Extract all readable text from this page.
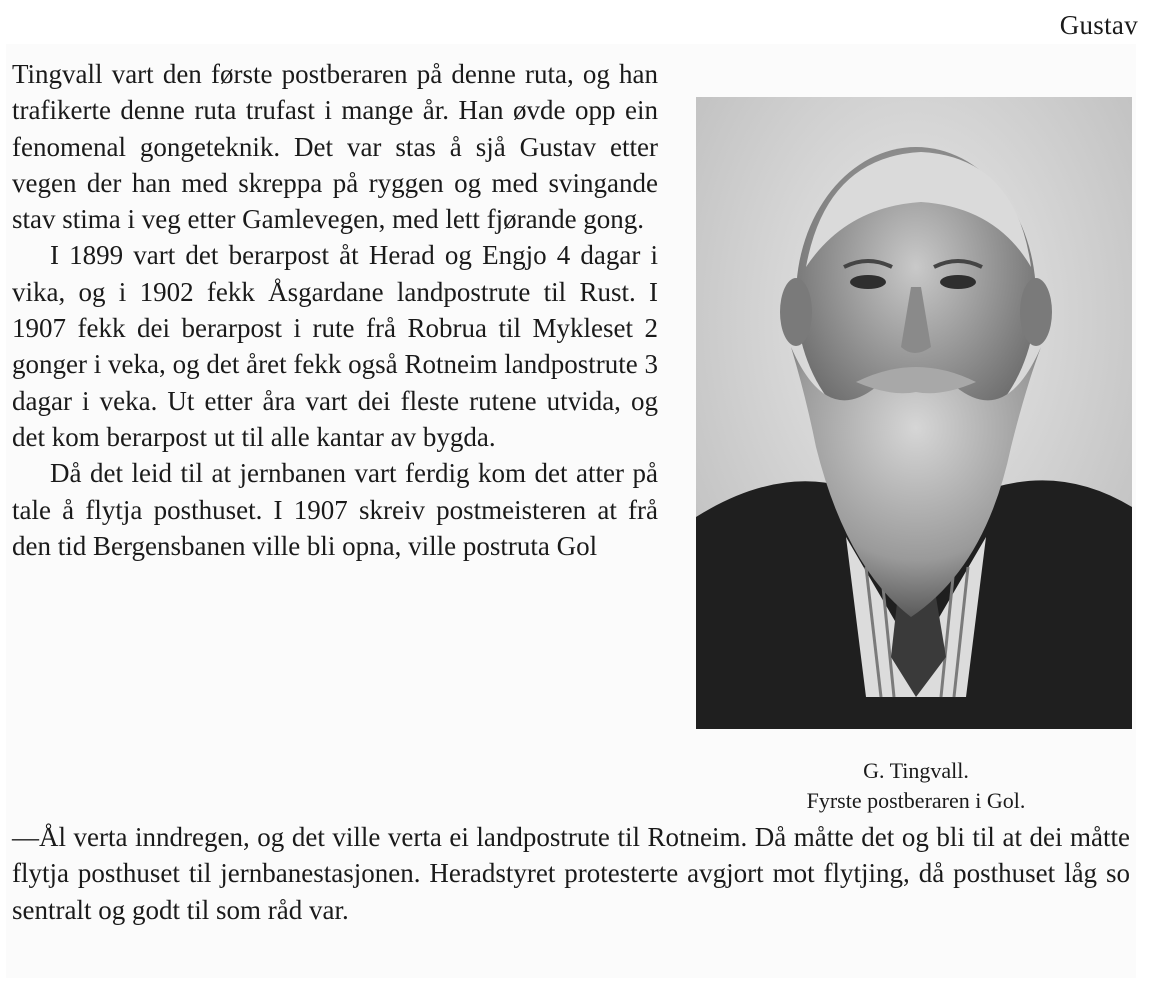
Gustav

Tingvall vart den første postberaren på denne ruta, og han trafikerte denne ruta trufast i mange år. Han øvde opp ein fenomenal gongeteknik. Det var stas å sjå Gustav etter vegen der han med skreppa på ryggen og med svingande stav stima i veg etter Gamlevegen, med lett fjørande gong.

I 1899 vart det berarpost åt Herad og Engjo 4 dagar i vika, og i 1902 fekk Åsgardane landpostrute til Rust. I 1907 fekk dei berarpost i rute frå Robrua til Mykleset 2 gonger i veka, og det året fekk også Rotneim landpostrute 3 dagar i veka. Ut etter åra vart dei fleste rutene utvida, og det kom berarpost ut til alle kantar av bygda.

Då det leid til at jernbanen vart ferdig kom det atter på tale å flytja posthuset. I 1907 skreiv postmeisteren at frå den tid Bergensbanen ville bli opna, ville postruta Gol

G. Tingvall.
Fyrste postberaren i Gol.

—Ål verta inndregen, og det ville verta ei landpostrute til Rotneim. Då måtte det og bli til at dei måtte flytja posthuset til jernbanestasjonen. Heradstyret protesterte avgjort mot flytjing, då posthuset låg so sentralt og godt til som råd var.
